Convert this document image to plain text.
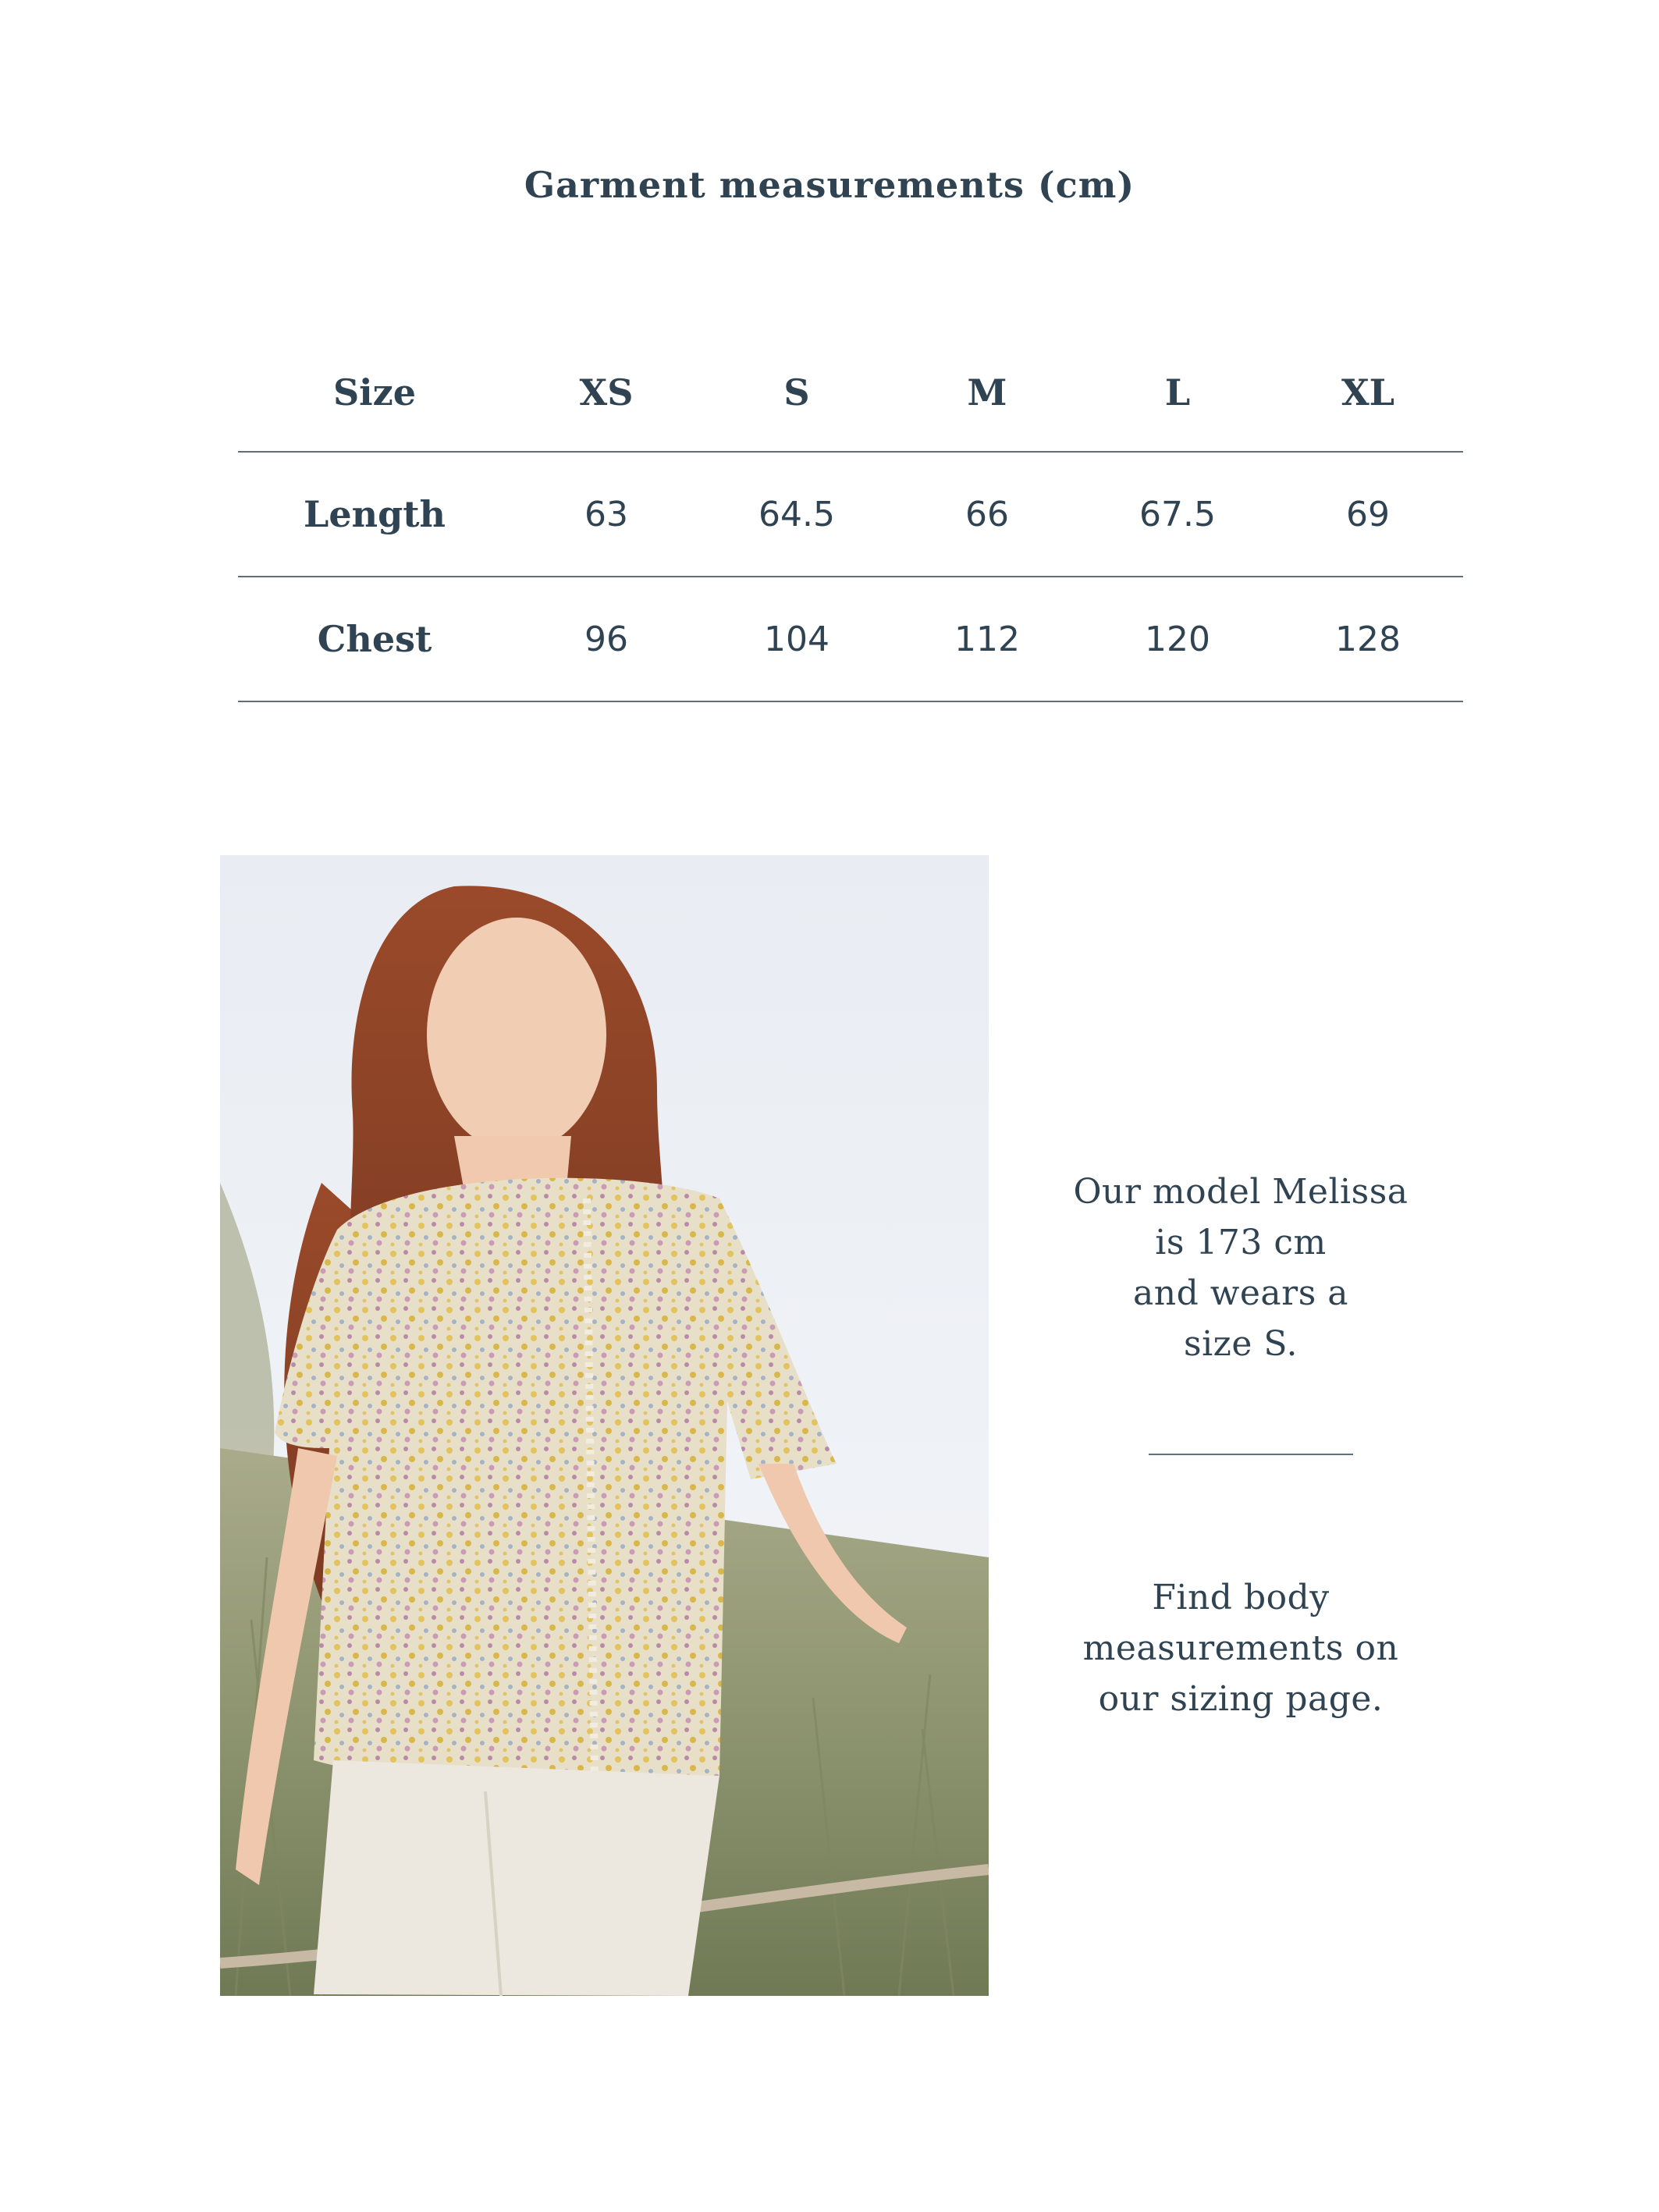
Garment measurements (cm)
Size	XS	S	M	L	XL
Length	63	64.5	66	67.5	69
Chest	96	104	112	120	128
Our model Melissa
is 173 cm
and wears a
size S.
Find body
measurements on
our sizing page.
